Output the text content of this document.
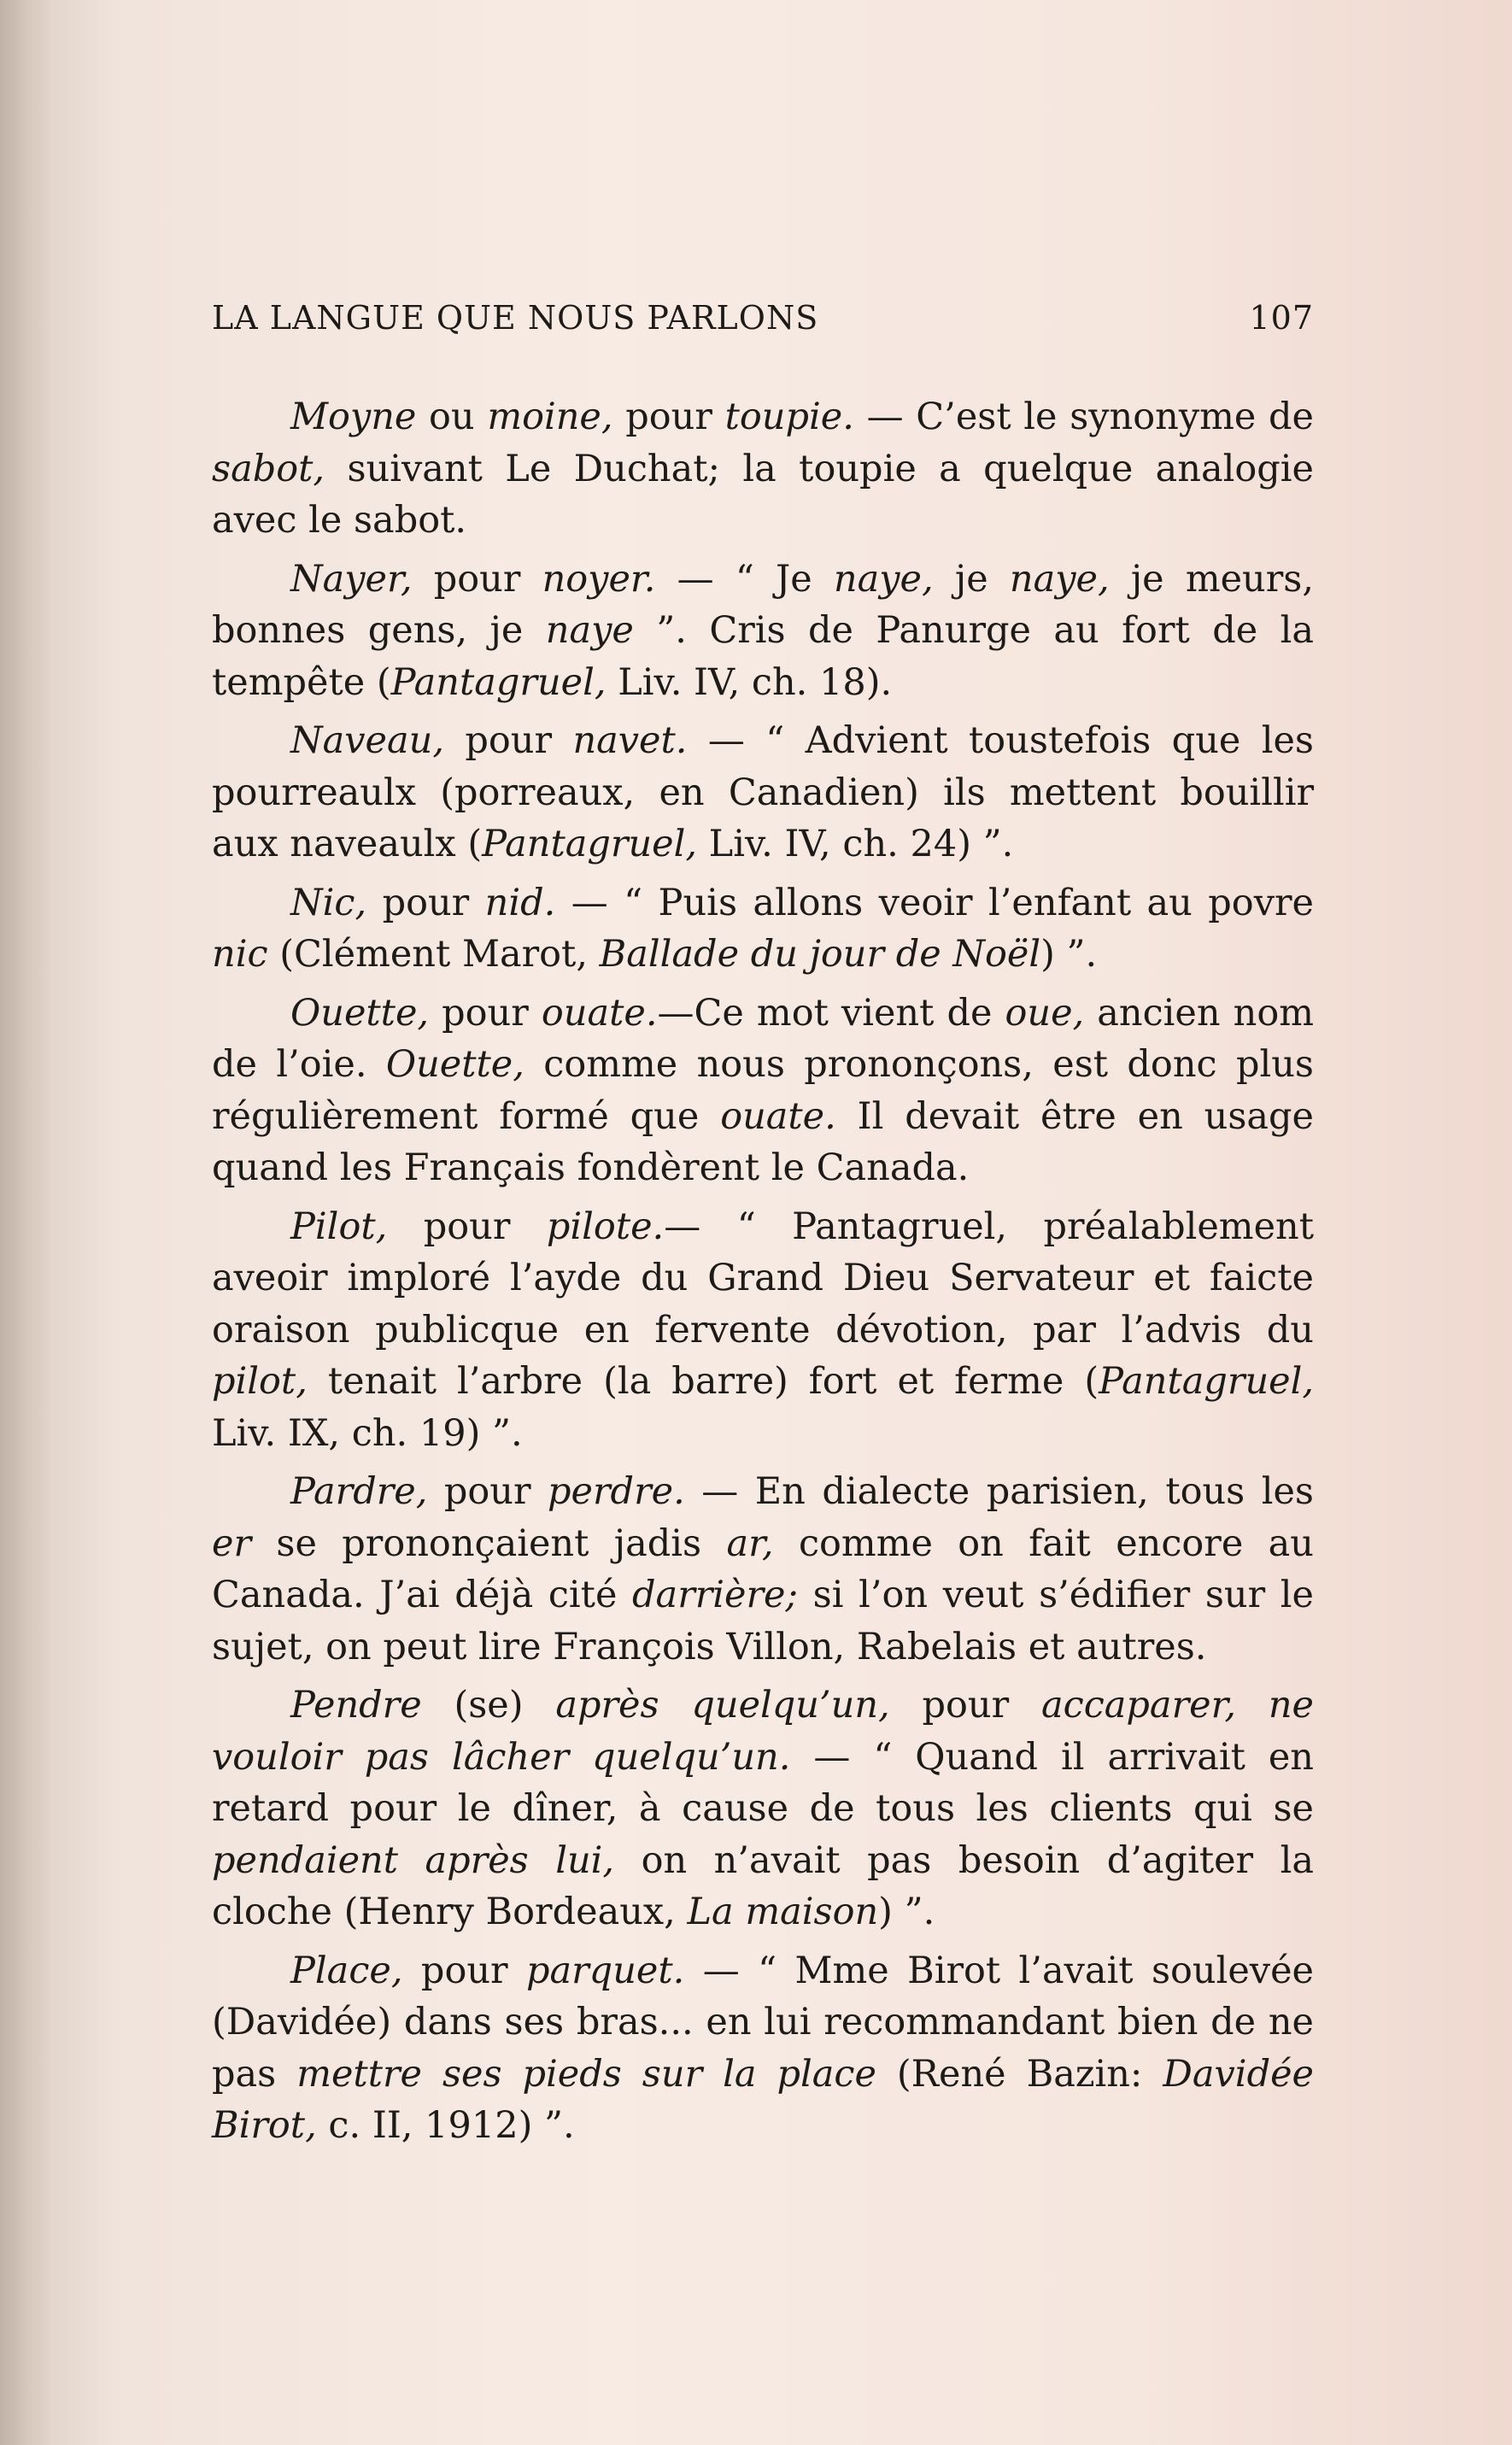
LA LANGUE QUE NOUS PARLONS	107

Moyne ou moine, pour toupie. — C’est le synonyme de sabot, suivant Le Duchat; la toupie a quelque analogie avec le sabot.

Nayer, pour noyer. — “ Je naye, je naye, je meurs, bonnes gens, je naye ”. Cris de Panurge au fort de la tempête (Pantagruel, Liv. IV, ch. 18).

Naveau, pour navet. — “ Advient toustefois que les pourreaulx (porreaux, en Canadien) ils mettent bouillir aux naveaulx (Pantagruel, Liv. IV, ch. 24) ”.

Nic, pour nid. — “ Puis allons veoir l’enfant au povre nic (Clément Marot, Ballade du jour de Noël) ”.

Ouette, pour ouate.—Ce mot vient de oue, ancien nom de l’oie. Ouette, comme nous prononçons, est donc plus régulièrement formé que ouate. Il devait être en usage quand les Français fondèrent le Canada.

Pilot, pour pilote.— “ Pantagruel, préalablement aveoir imploré l’ayde du Grand Dieu Servateur et faicte oraison publicque en fervente dévotion, par l’advis du pilot, tenait l’arbre (la barre) fort et ferme (Pantagruel, Liv. IX, ch. 19) ”.

Pardre, pour perdre. — En dialecte parisien, tous les er se prononçaient jadis ar, comme on fait encore au Canada. J’ai déjà cité darrière; si l’on veut s’édifier sur le sujet, on peut lire François Villon, Rabelais et autres.

Pendre (se) après quelqu’un, pour accaparer, ne vouloir pas lâcher quelqu’un. — “ Quand il arrivait en retard pour le dîner, à cause de tous les clients qui se pendaient après lui, on n’avait pas besoin d’agiter la cloche (Henry Bordeaux, La maison) ”.

Place, pour parquet. — “ Mme Birot l’avait soulevée (Davidée) dans ses bras... en lui recommandant bien de ne pas mettre ses pieds sur la place (René Bazin: Davidée Birot, c. II, 1912) ”.
